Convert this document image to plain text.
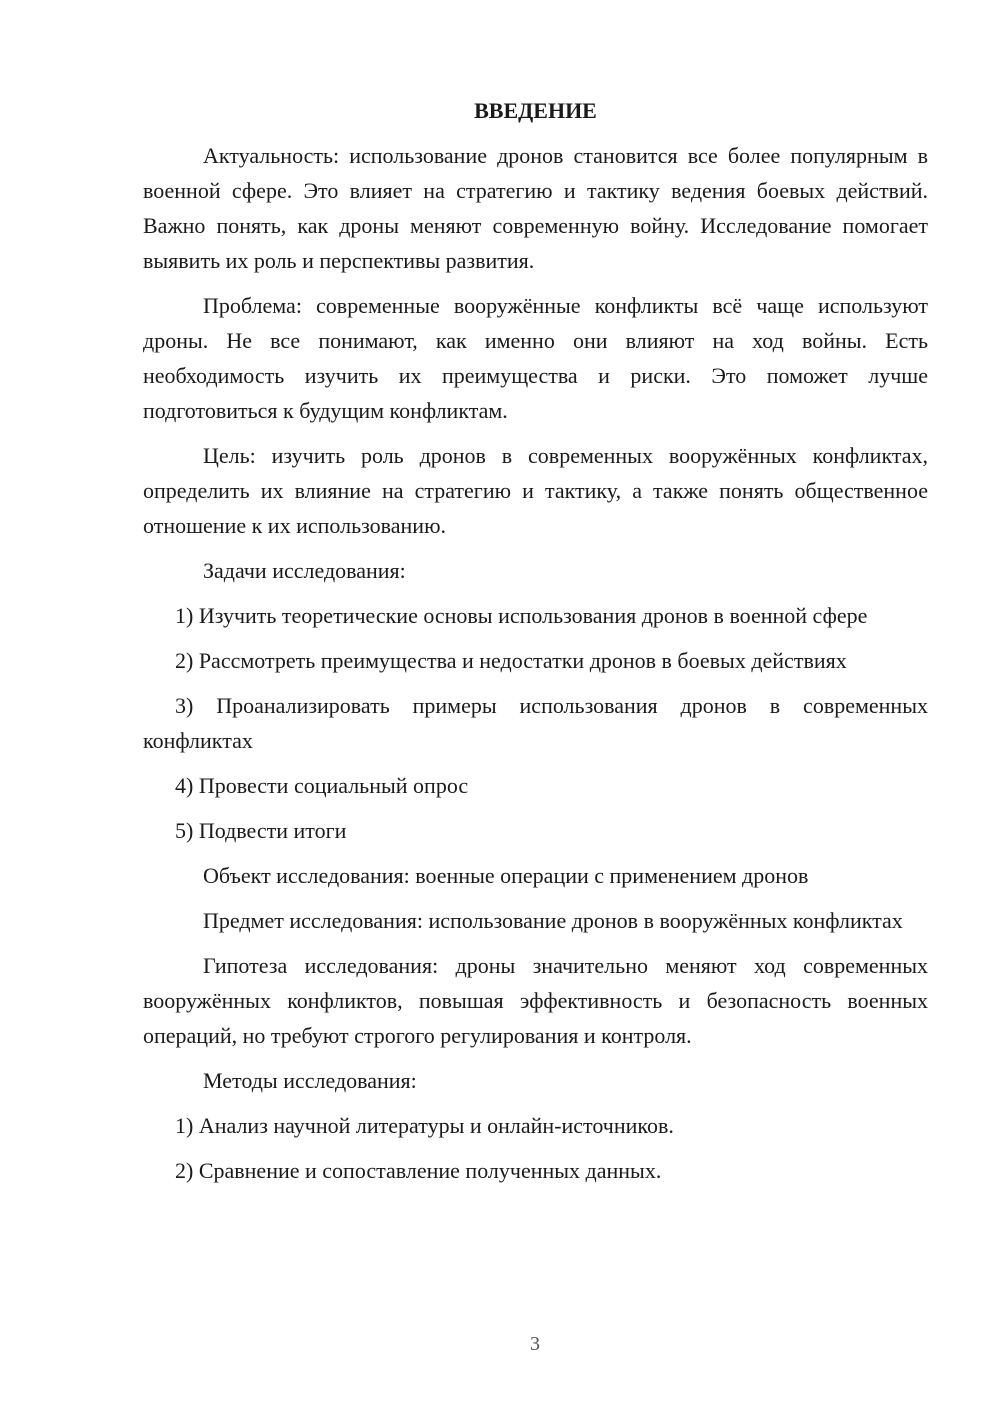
ВВЕДЕНИЕ

Актуальность: использование дронов становится все более популярным в военной сфере. Это влияет на стратегию и тактику ведения боевых действий. Важно понять, как дроны меняют современную войну. Исследование помогает выявить их роль и перспективы развития.

Проблема: современные вооружённые конфликты всё чаще используют дроны. Не все понимают, как именно они влияют на ход войны. Есть необходимость изучить их преимущества и риски. Это поможет лучше подготовиться к будущим конфликтам.

Цель: изучить роль дронов в современных вооружённых конфликтах, определить их влияние на стратегию и тактику, а также понять общественное отношение к их использованию.

Задачи исследования:

1) Изучить теоретические основы использования дронов в военной сфере

2) Рассмотреть преимущества и недостатки дронов в боевых действиях

3) Проанализировать примеры использования дронов в современных конфликтах

4) Провести социальный опрос

5) Подвести итоги

Объект исследования: военные операции с применением дронов

Предмет исследования: использование дронов в вооружённых конфликтах

Гипотеза исследования: дроны значительно меняют ход современных вооружённых конфликтов, повышая эффективность и безопасность военных операций, но требуют строгого регулирования и контроля.

Методы исследования:

1) Анализ научной литературы и онлайн-источников.

2) Сравнение и сопоставление полученных данных.

3
